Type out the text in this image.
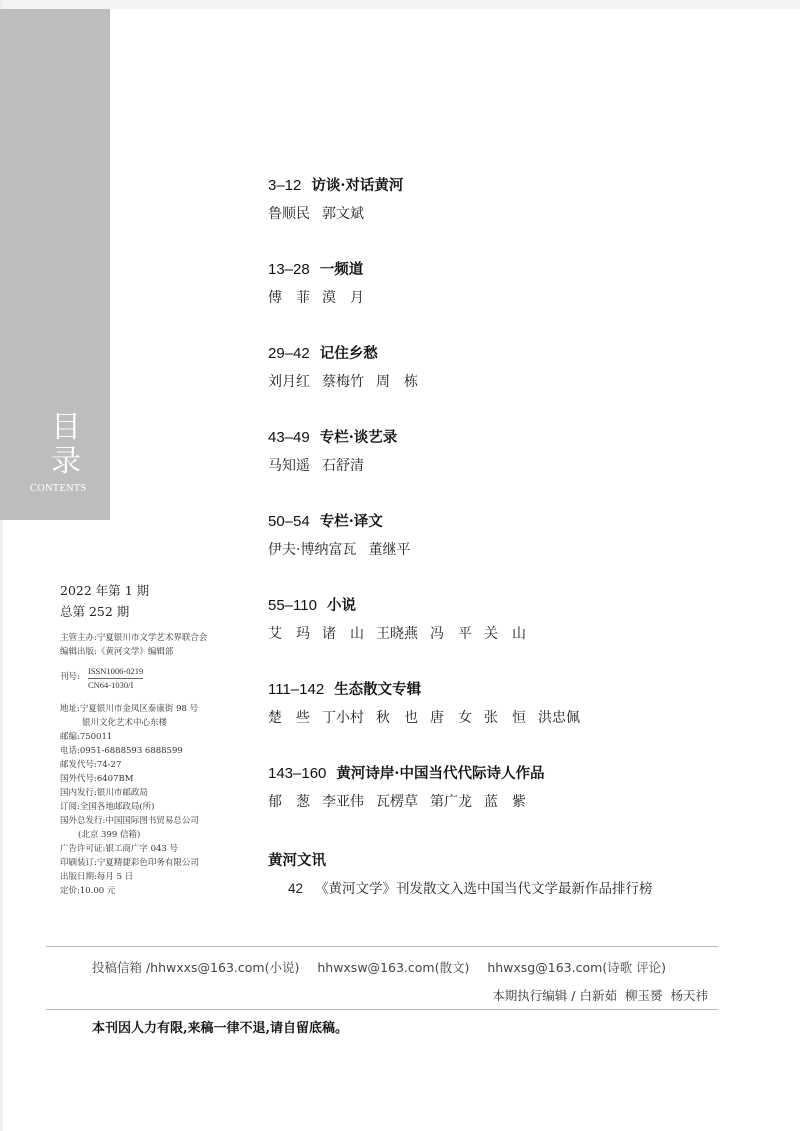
目
录
CONTENTS
2022 年第 1 期
总第 252 期
主管主办:宁夏银川市文学艺术界联合会
编辑出版:《黄河文学》编辑部
刊号:
ISSN1006-0219
CN64-1030/I
地址:宁夏银川市金凤区泰康街 98 号
银川文化艺术中心东楼
邮编:750011
电话:0951-6888593 6888599
邮发代号:74-27
国外代号:6407BM
国内发行:银川市邮政局
订阅:全国各地邮政局(所)
国外总发行:中国国际图书贸易总公司
(北京 399 信箱)
广告许可证:银工商广字 043 号
印刷装订:宁夏精捷彩色印务有限公司
出版日期:每月 5 日
定价:10.00 元
3–12 访谈·对话黄河
鲁顺民 郭文斌
13–28 一频道
傅　菲 漠　月
29–42 记住乡愁
刘月红 蔡梅竹 周　栋
43–49 专栏·谈艺录
马知遥 石舒清
50–54 专栏·译文
伊夫·博纳富瓦 董继平
55–110 小说
艾　玛 诸　山 王晓燕 冯　平 关　山
111–142 生态散文专辑
楚　些 丁小村 秋　也 唐　女 张　恒 洪忠佩
143–160 黄河诗岸·中国当代代际诗人作品
郁　葱 李亚伟 瓦楞草 第广龙 蓝　紫
黄河文讯
42 《黄河文学》刊发散文入选中国当代文学最新作品排行榜
投稿信箱 /hhwxxs@163.com(小说) hhwxsw@163.com(散文) hhwxsg@163.com(诗歌 评论)
本期执行编辑 / 白新茹 柳玉赟 杨天祎
本刊因人力有限,来稿一律不退,请自留底稿。
